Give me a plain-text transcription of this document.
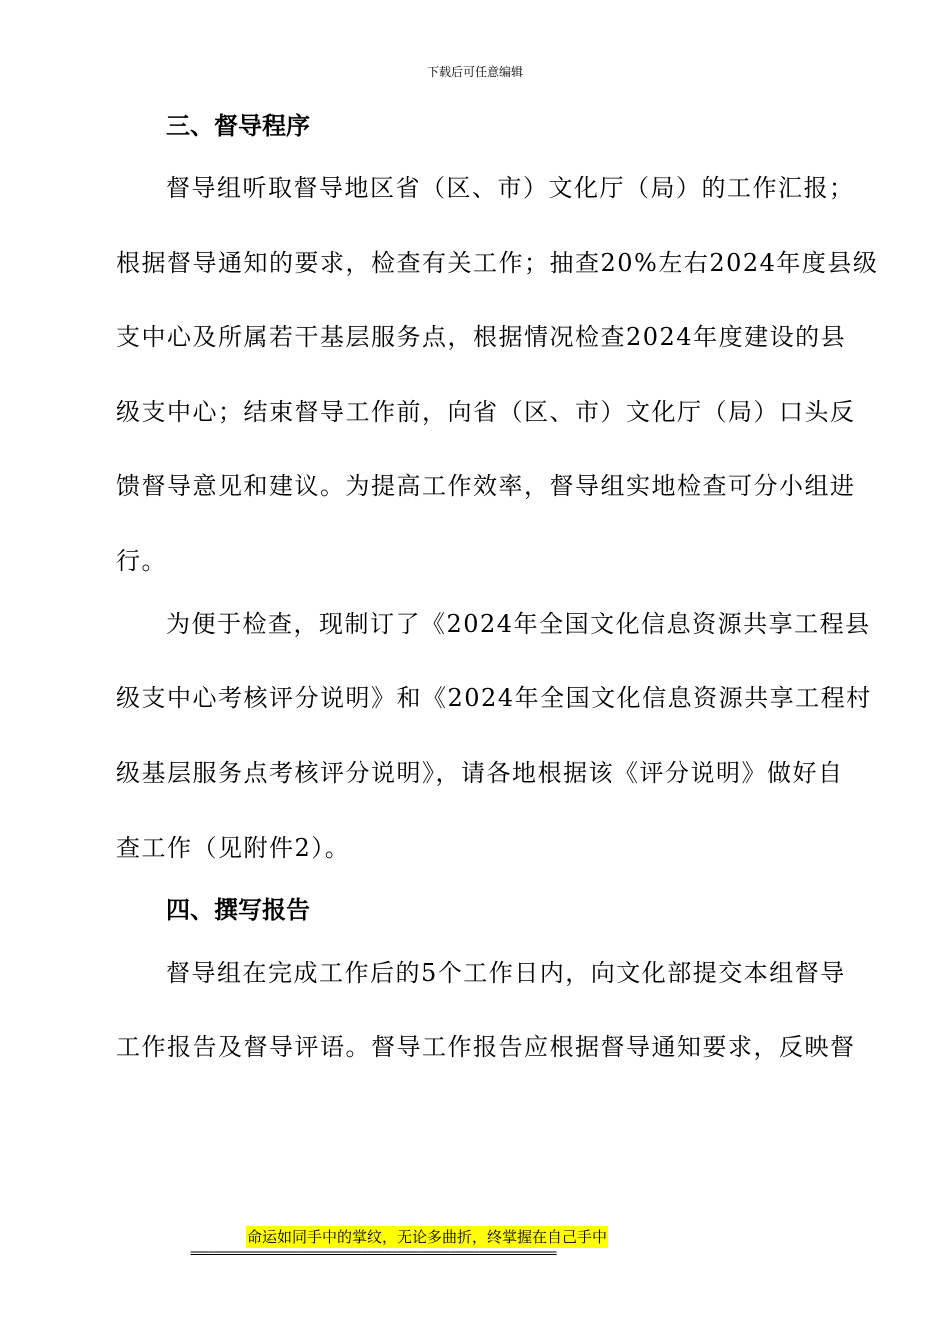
下载后可任意编辑
三、督导程序
督导组听取督导地区省（区、市）文化厅（局）的工作汇报；
根据督导通知的要求，检查有关工作；抽查20%左右2024年度县级
支中心及所属若干基层服务点，根据情况检查2024年度建设的县
级支中心；结束督导工作前，向省（区、市）文化厅（局）口头反
馈督导意见和建议。为提高工作效率，督导组实地检查可分小组进
行。
为便于检查，现制订了《2024年全国文化信息资源共享工程县
级支中心考核评分说明》和《2024年全国文化信息资源共享工程村
级基层服务点考核评分说明》，请各地根据该《评分说明》做好自
查工作（见附件2）。
四、撰写报告
督导组在完成工作后的5个工作日内，向文化部提交本组督导
工作报告及督导评语。督导工作报告应根据督导通知要求，反映督
命运如同手中的掌纹，无论多曲折，终掌握在自己手中
==============================================================
